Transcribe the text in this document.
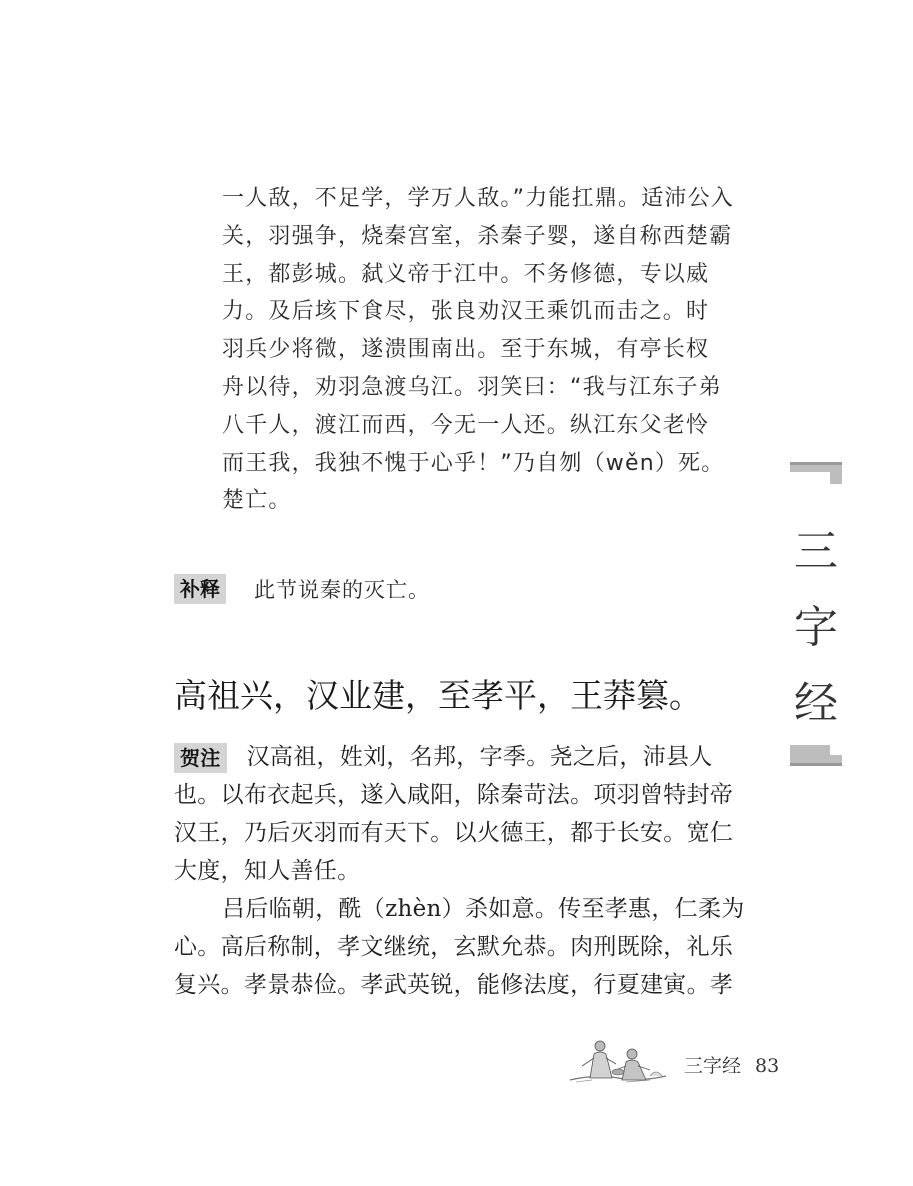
一人敌，不足学，学万人敌。”力能扛鼎。适沛公入
关，羽强争，烧秦宫室，杀秦子婴，遂自称西楚霸
王，都彭城。弑义帝于江中。不务修德，专以威
力。及后垓下食尽，张良劝汉王乘饥而击之。时
羽兵少将微，遂溃围南出。至于东城，有亭长杈
舟以待，劝羽急渡乌江。羽笑曰：“我与江东子弟
八千人，渡江而西，今无一人还。纵江东父老怜
而王我，我独不愧于心乎！”乃自刎（wěn）死。
楚亡。
补释 此节说秦的灭亡。
高祖兴，汉业建，至孝平，王莽篡。
贺注 汉高祖，姓刘，名邦，字季。尧之后，沛县人
也。以布衣起兵，遂入咸阳，除秦苛法。项羽曾特封帝
汉王，乃后灭羽而有天下。以火德王，都于长安。宽仁
大度，知人善任。
吕后临朝，酰（zhèn）杀如意。传至孝惠，仁柔为
心。高后称制，孝文继统，玄默允恭。肉刑既除，礼乐
复兴。孝景恭俭。孝武英锐，能修法度，行夏建寅。孝
三
字
经
三字经 83
